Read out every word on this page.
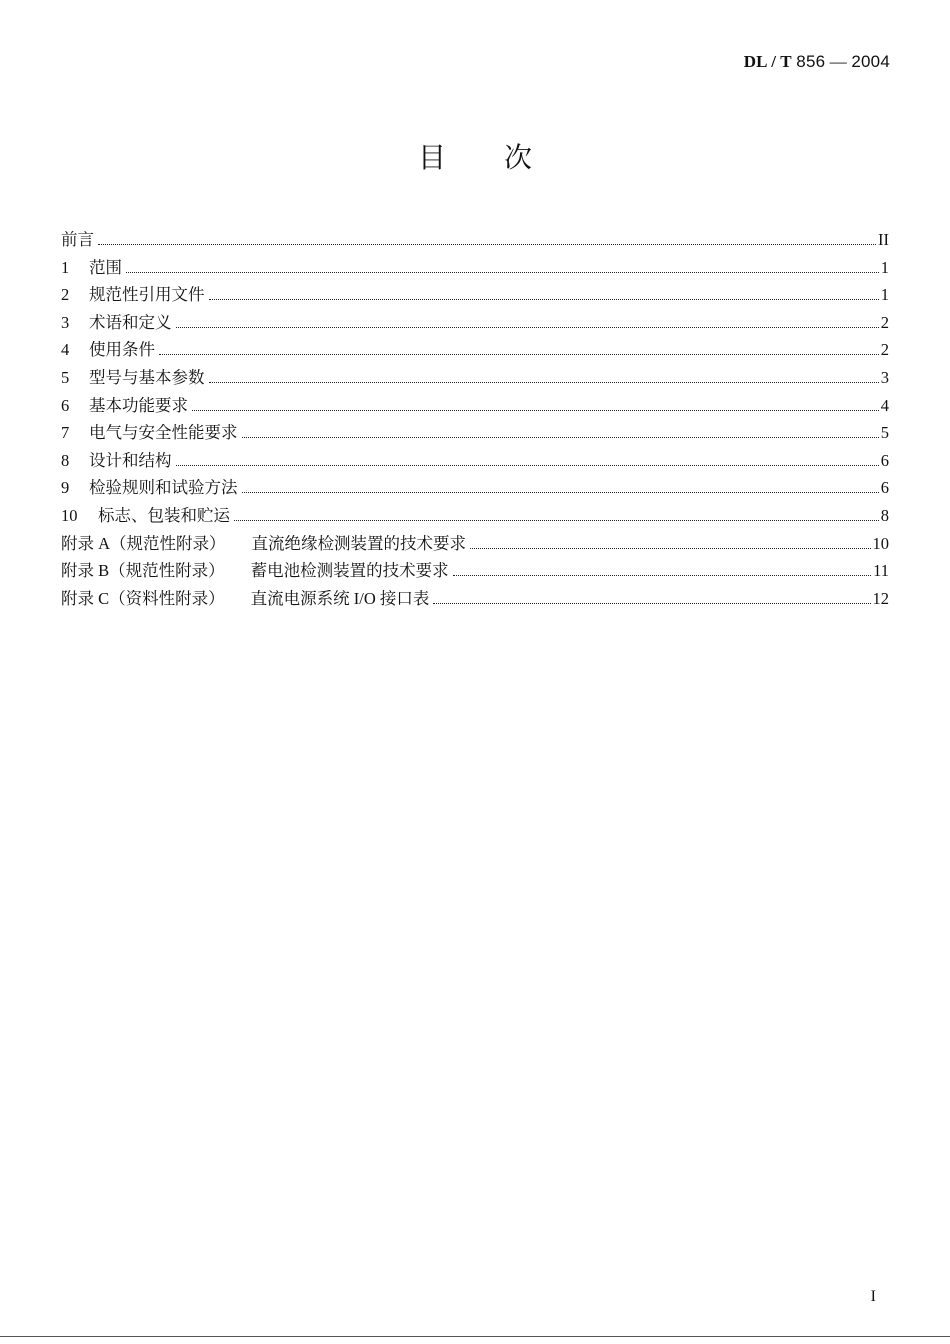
DL / T 856 — 2004
目 次
前言	II
1	范围	1
2	规范性引用文件	1
3	术语和定义	2
4	使用条件	2
5	型号与基本参数	3
6	基本功能要求	4
7	电气与安全性能要求	5
8	设计和结构	6
9	检验规则和试验方法	6
10	标志、包装和贮运	8
附录 A（规范性附录） 直流绝缘检测装置的技术要求	10
附录 B（规范性附录） 蓄电池检测装置的技术要求	11
附录 C（资料性附录） 直流电源系统 I/O 接口表	12
I
